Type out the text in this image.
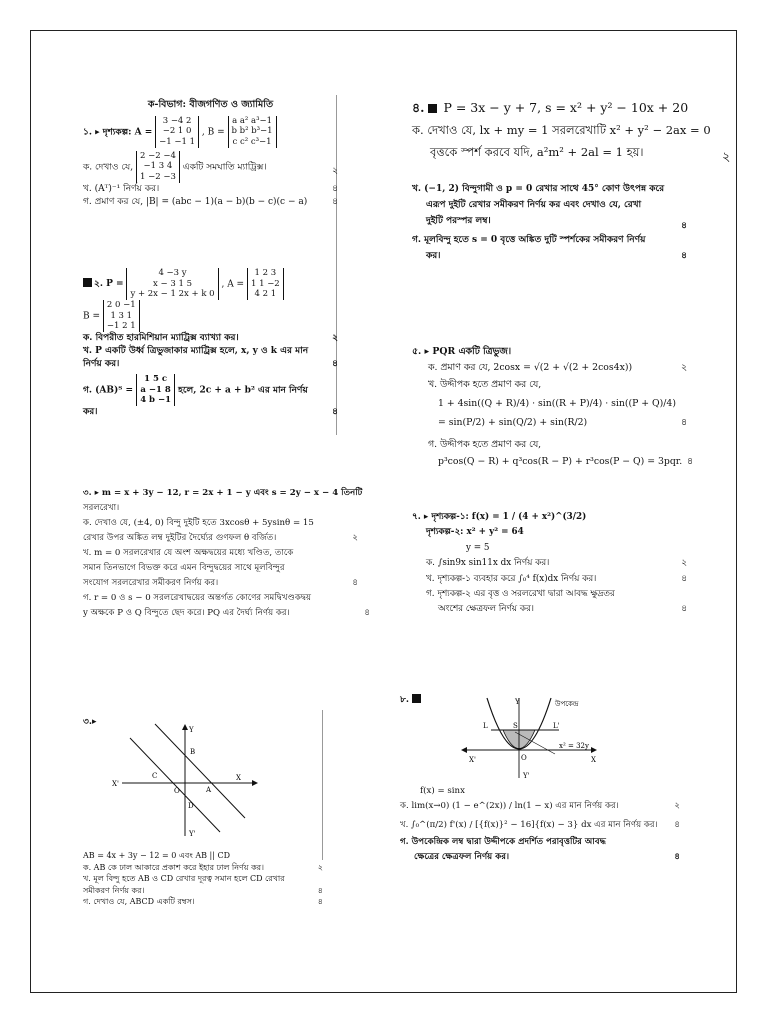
২
ক-বিভাগ: বীজগণিত ও জ্যামিতি
১. ▸ দৃশ্যকল্প: A =
3 −4 2
−2 1 0
−1 −1 1
, B =
a a² a³−1
b b² b³−1
c c² c³−1
ক. দেখাও যে,
2 −2 −4
−1 3 4
1 −2 −3
একটি সমঘাতি ম্যাট্রিক্স।	২
খ. (Aᵀ)⁻¹ নির্ণয় কর।	৪
গ. প্রমাণ কর যে, |B| = (abc − 1)(a − b)(b − c)(c − a)	৪
২. P =
4 −3 y
x − 3 1 5
y + 2x − 1 2x + k 0
, A =
1 2 3
1 1 −2
4 2 1
B =
2 0 −1
1 3 1
−1 2 1
ক. বিপরীত হারমিশিয়ান ম্যাট্রিক্স ব্যাখ্যা কর।	২
খ. P একটি উর্ধ্ব ত্রিভুজাকার ম্যাট্রিক্স হলে, x, y ও k এর মান
নির্ণয় কর।	৪
গ. (AB)ᵀ =
1 5 c
a −1 8
4 b −1
হলে, 2c + a + b² এর মান নির্ণয়
কর।	৪
৩. ▸ m = x + 3y − 12, r = 2x + 1 − y এবং s = 2y − x − 4 তিনটি
সরলরেখা।
ক. দেখাও যে, (±4, 0) বিন্দু দুইটি হতে 3xcosθ + 5ysinθ = 15
রেখার উপর অঙ্কিত লম্ব দুইটির দৈর্ঘ্যের গুণফল θ বর্জিত।	২
খ. m = 0 সরলরেখার যে অংশ অক্ষদ্বয়ের মধ্যে খণ্ডিত, তাকে
সমান তিনভাগে বিভক্ত করে এমন বিন্দুদ্বয়ের সাথে মূলবিন্দুর
সংযোগ সরলরেখার সমীকরণ নির্ণয় কর।	৪
গ. r = 0 ও s − 0 সরলরেখাদ্বয়ের অন্তর্গত কোণের সমদ্বিখণ্ডকদ্বয়
y অক্ষকে P ও Q বিন্দুতে ছেদ করে। PQ এর দৈর্ঘ্য নির্ণয় কর।	৪
৩.▸
B
C
D
O	A
X
X'
Y
Y'
AB = 4x + 3y − 12 = 0 এবং AB || CD
ক. AB কে ঢাল আকারে প্রকাশ করে ইহার ঢাল নির্ণয় কর।	২
খ. মূল বিন্দু হতে AB ও CD রেখার দূরত্ব সমান হলে CD রেখার
সমীকরণ নির্ণয় কর।	৪
গ. দেখাও যে, ABCD একটি রম্বস।	৪
৪. P = 3x − y + 7, s = x² + y² − 10x + 20
ক. দেখাও যে, lx + my = 1 সরলরেখাটি x² + y² − 2ax = 0
বৃত্তকে স্পর্শ করবে যদি, a²m² + 2al = 1 হয়।
খ. (−1, 2) বিন্দুগামী ও p = 0 রেখার সাথে 45° কোণ উৎপন্ন করে
এরূপ দুইটি রেখার সমীকরণ নির্ণয় কর এবং দেখাও যে, রেখা
দুইটি পরস্পর লম্ব।	৪
গ. মূলবিন্দু হতে s = 0 বৃত্তে অঙ্কিত দুটি স্পর্শকের সমীকরণ নির্ণয়
কর।	৪
৫. ▸ PQR একটি ত্রিভুজ।
ক. প্রমাণ কর যে, 2cosx = √(2 + √(2 + 2cos4x))	২
খ. উদ্দীপক হতে প্রমাণ কর যে,
1 + 4sin((Q + R)/4) · sin((R + P)/4) · sin((P + Q)/4)
= sin(P/2) + sin(Q/2) + sin(R/2)	৪
গ. উদ্দীপক হতে প্রমাণ কর যে,
p³cos(Q − R) + q³cos(R − P) + r³cos(P − Q) = 3pqr. ৪
৭. ▸ দৃশ্যকল্প-১: f(x) = 1 / (4 + x²)^(3/2)
দৃশ্যকল্প-২: x² + y² = 64
y = 5
ক. ∫sin9x sin11x dx নির্ণয় কর।	২
খ. দৃশ্যকল্প-১ ব্যবহার করে ∫₀⁴ f(x)dx নির্ণয় কর।	৪
গ. দৃশ্যকল্প-২ এর বৃত্ত ও সরলরেখা দ্বারা আবদ্ধ ক্ষুদ্রতর
অংশের ক্ষেত্রফল নির্ণয় কর।	৪
৮.	Y	উপকেন্দ্র
L	S	L'
x² = 32y
O
X'	X
Y'
f(x) = sinx
ক. lim(x→0) (1 − e^(2x)) / ln(1 − x) এর মান নির্ণয় কর।	২
খ. ∫₀^(π/2) f'(x) / [{f(x)}² − 16]{f(x) − 3} dx এর মান নির্ণয় কর। ৪
গ. উপকেন্দ্রিক লম্ব দ্বারা উদ্দীপকে প্রদর্শিত পরাবৃত্তটির আবদ্ধ
ক্ষেত্রের ক্ষেত্রফল নির্ণয় কর।	৪
